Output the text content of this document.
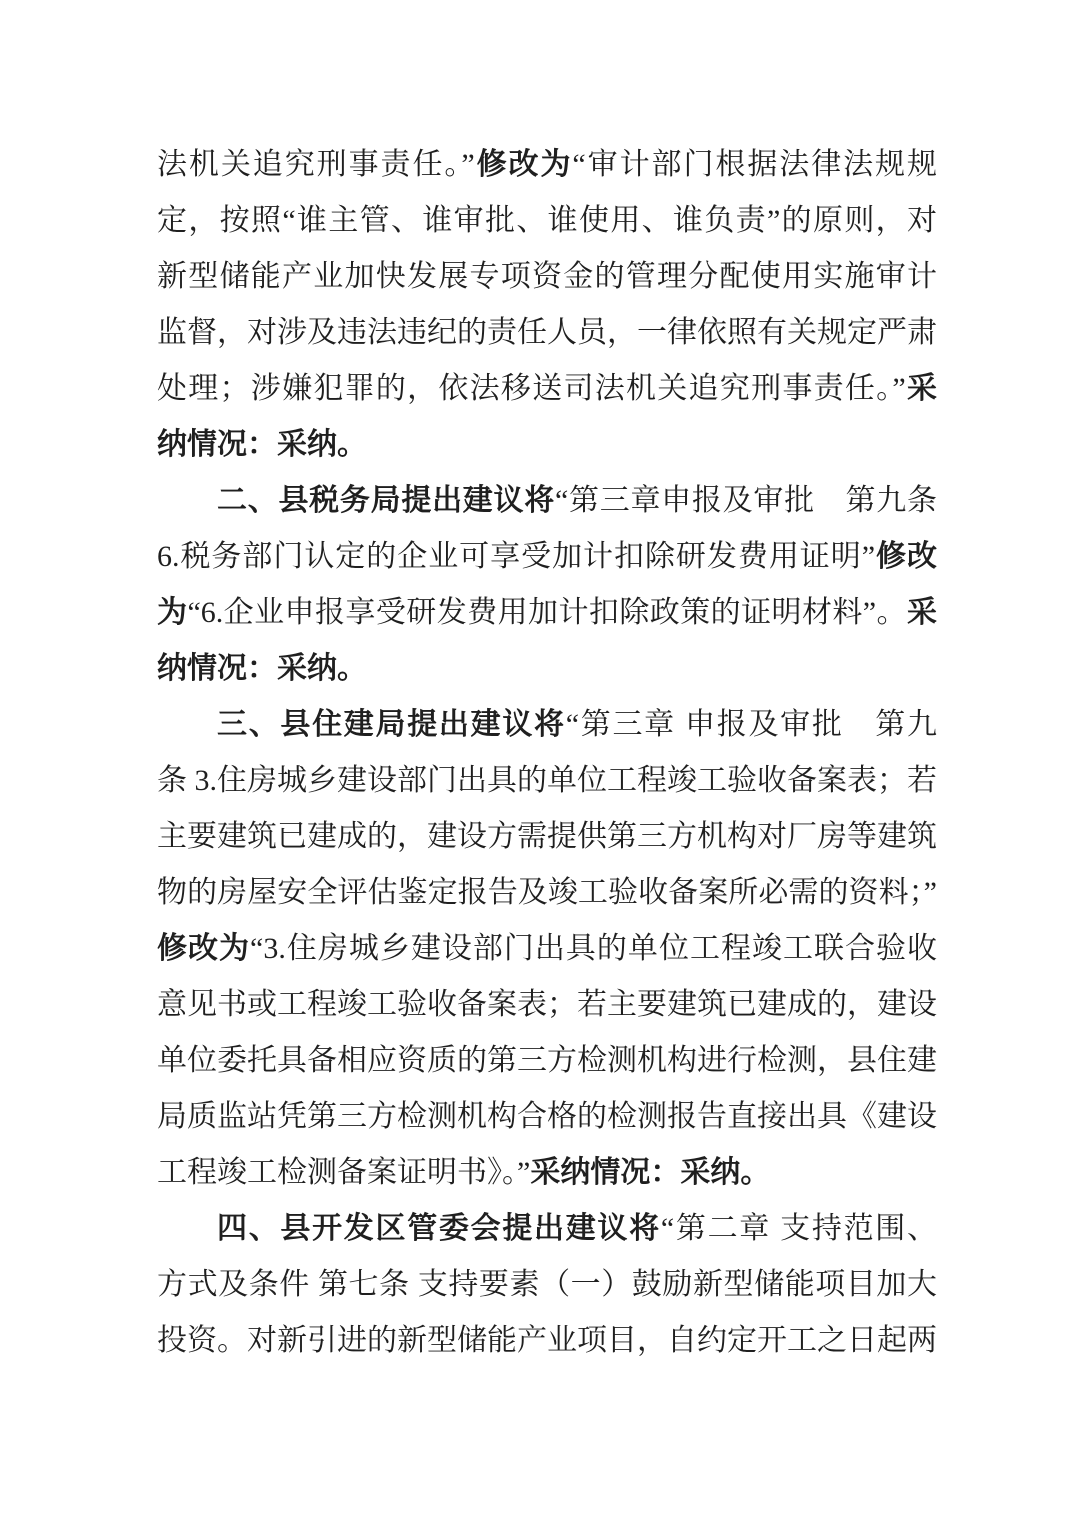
法机关追究刑事责任。”修改为“审计部门根据法律法规规
定，按照“谁主管、谁审批、谁使用、谁负责”的原则，对
新型储能产业加快发展专项资金的管理分配使用实施审计
监督，对涉及违法违纪的责任人员，一律依照有关规定严肃
处理；涉嫌犯罪的，依法移送司法机关追究刑事责任。”采
纳情况：采纳。
二、县税务局提出建议将“第三章申报及审批　第九条
6.税务部门认定的企业可享受加计扣除研发费用证明”修改
为“6.企业申报享受研发费用加计扣除政策的证明材料”。采
纳情况：采纳。
三、县住建局提出建议将“第三章 申报及审批　第九
条 3.住房城乡建设部门出具的单位工程竣工验收备案表；若
主要建筑已建成的，建设方需提供第三方机构对厂房等建筑
物的房屋安全评估鉴定报告及竣工验收备案所必需的资料；”
修改为“3.住房城乡建设部门出具的单位工程竣工联合验收
意见书或工程竣工验收备案表；若主要建筑已建成的，建设
单位委托具备相应资质的第三方检测机构进行检测，县住建
局质监站凭第三方检测机构合格的检测报告直接出具《建设
工程竣工检测备案证明书》。”采纳情况：采纳。
四、县开发区管委会提出建议将“第二章 支持范围、
方式及条件 第七条 支持要素（一）鼓励新型储能项目加大
投资。对新引进的新型储能产业项目，自约定开工之日起两
